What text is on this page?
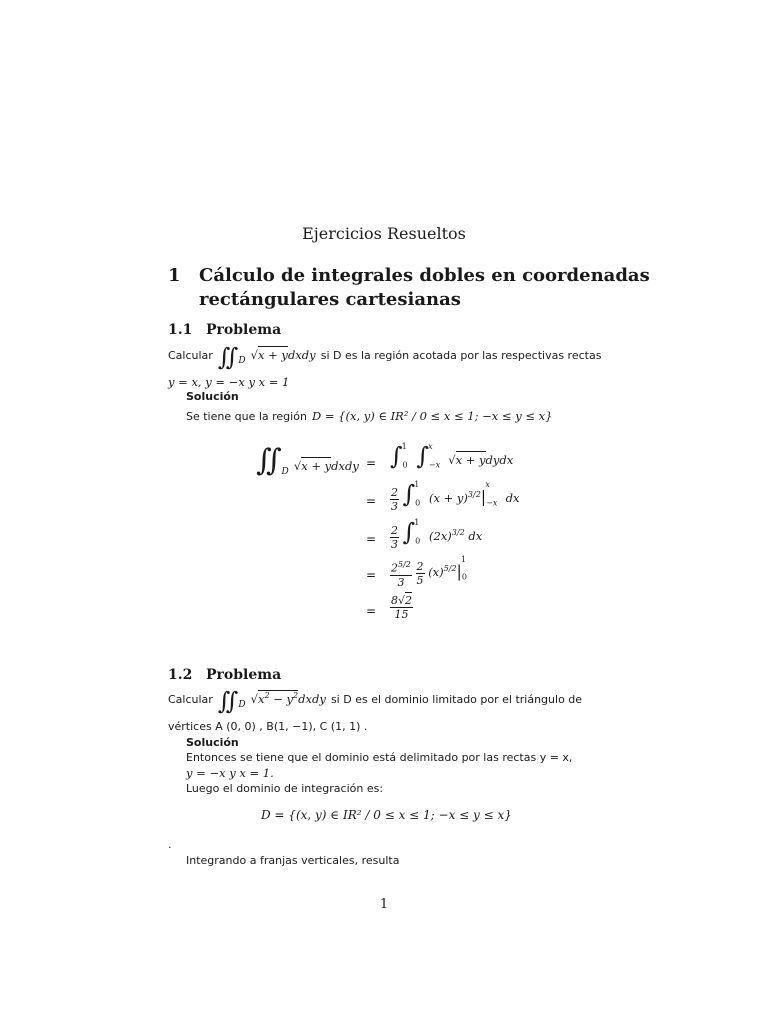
Ejercicios Resueltos
1 Cálculo de integrales dobles en coordenadas
rectángulares cartesianas
1.1 Problema
Calcular $∬_D$ √x + ydxdy si D es la región acotada por las respectivas rectas
y = x, y = −x y x = 1
Solución
Se tiene que la región D = {(x, y) ∈ IR² / 0 ≤ x ≤ 1; −x ≤ y ≤ x}
$∬_D$ √x + ydxdy = $\int_0^1$ $\int_{-x}^x$ √x + ydydx
= $\frac{2}{3} \int_0^1$ $(x + y)^{3/2}|_{-x}^x$ dx
= $\frac{2}{3} \int_0^1$ $(2x)^{3/2}$ dx
= $\frac{2^{5/2}}{3}$
$\frac{2}{5} (x)^{5/2}|_0^1$
= $\frac{8√2}{15}$
1.2 Problema
Calcular $∬_D$ $√x^2$ − $y^2dxdy$ si D es el dominio limitado por el triángulo de
vértices A (0, 0) , B(1, −1), C (1, 1) .
Solución
Entonces se tiene que el dominio está delimitado por las rectas y = x,
y = −x y x = 1.
Luego el dominio de integración es:
D = {(x, y) ∈ IR² / 0 ≤ x ≤ 1; −x ≤ y ≤ x}
.
Integrando a franjas verticales, resulta
1
